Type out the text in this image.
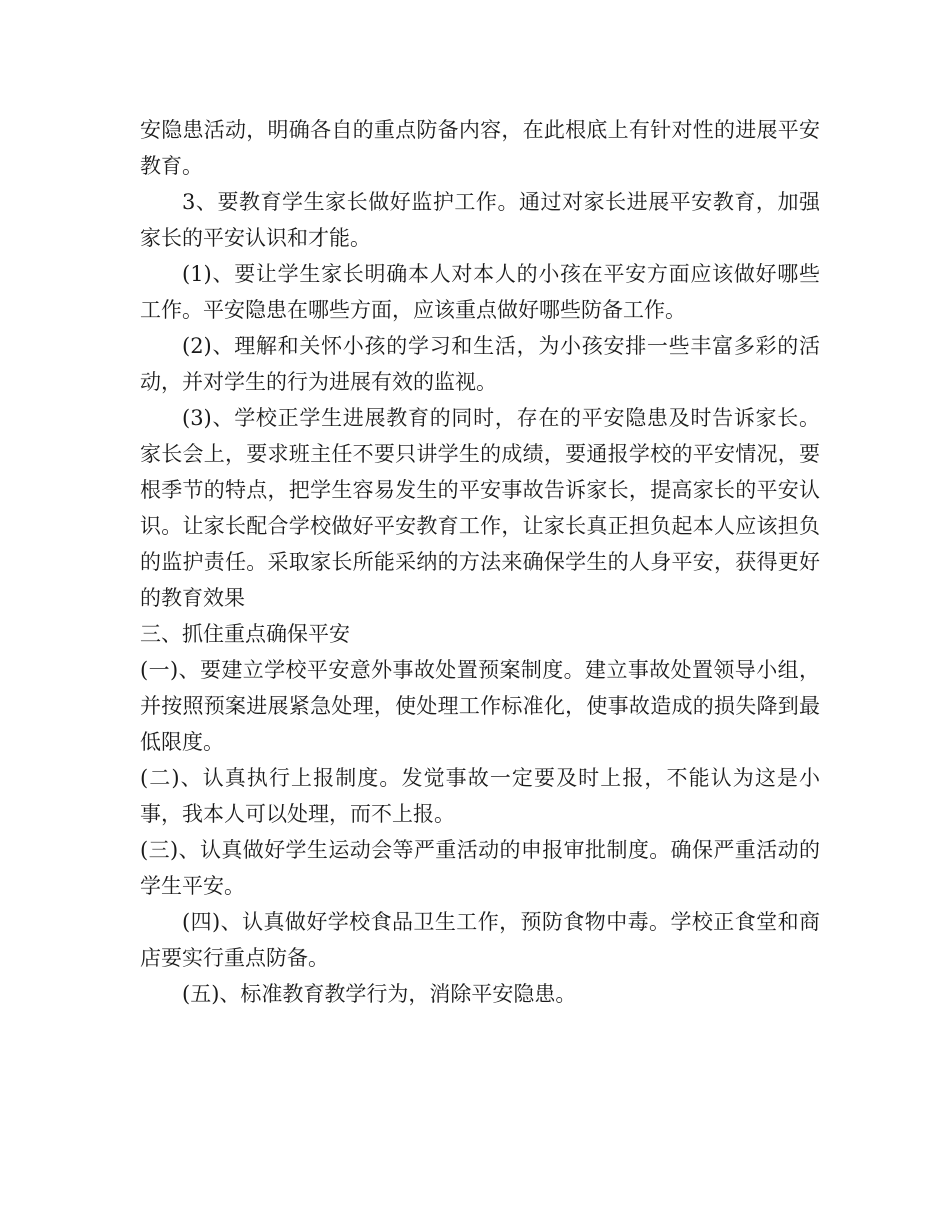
安隐患活动，明确各自的重点防备内容，在此根底上有针对性的进展平安教育。

3、要教育学生家长做好监护工作。通过对家长进展平安教育，加强家长的平安认识和才能。

(1)、要让学生家长明确本人对本人的小孩在平安方面应该做好哪些工作。平安隐患在哪些方面，应该重点做好哪些防备工作。

(2)、理解和关怀小孩的学习和生活，为小孩安排一些丰富多彩的活动，并对学生的行为进展有效的监视。

(3)、学校正学生进展教育的同时，存在的平安隐患及时告诉家长。家长会上，要求班主任不要只讲学生的成绩，要通报学校的平安情况，要根季节的特点，把学生容易发生的平安事故告诉家长，提高家长的平安认识。让家长配合学校做好平安教育工作，让家长真正担负起本人应该担负的监护责任。采取家长所能采纳的方法来确保学生的人身平安，获得更好的教育效果

三、抓住重点确保平安

(一)、要建立学校平安意外事故处置预案制度。建立事故处置领导小组，并按照预案进展紧急处理，使处理工作标准化，使事故造成的损失降到最低限度。

(二)、认真执行上报制度。发觉事故一定要及时上报，不能认为这是小事，我本人可以处理，而不上报。

(三)、认真做好学生运动会等严重活动的申报审批制度。确保严重活动的学生平安。

(四)、认真做好学校食品卫生工作，预防食物中毒。学校正食堂和商店要实行重点防备。

(五)、标准教育教学行为，消除平安隐患。
